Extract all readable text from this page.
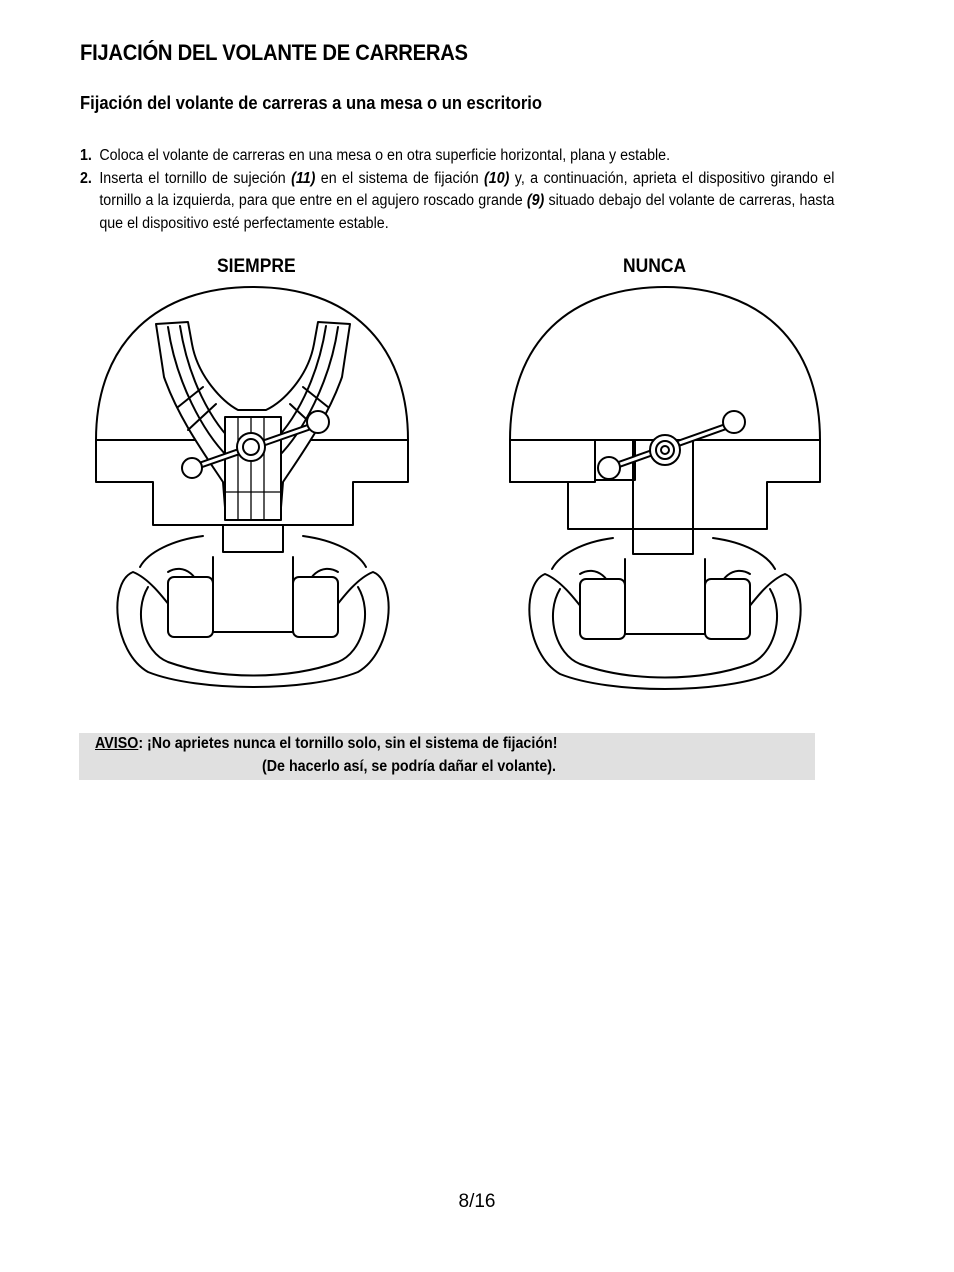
FIJACIÓN DEL VOLANTE DE CARRERAS
Fijación del volante de carreras a una mesa o un escritorio
1. Coloca el volante de carreras en una mesa o en otra superficie horizontal, plana y estable.
2. Inserta el tornillo de sujeción (11) en el sistema de fijación (10) y, a continuación, aprieta el dispositivo girando el tornillo a la izquierda, para que entre en el agujero roscado grande (9) situado debajo del volante de carreras, hasta que el dispositivo esté perfectamente estable.
SIEMPRE	NUNCA
AVISO: ¡No aprietes nunca el tornillo solo, sin el sistema de fijación!
(De hacerlo así, se podría dañar el volante).
8/16
